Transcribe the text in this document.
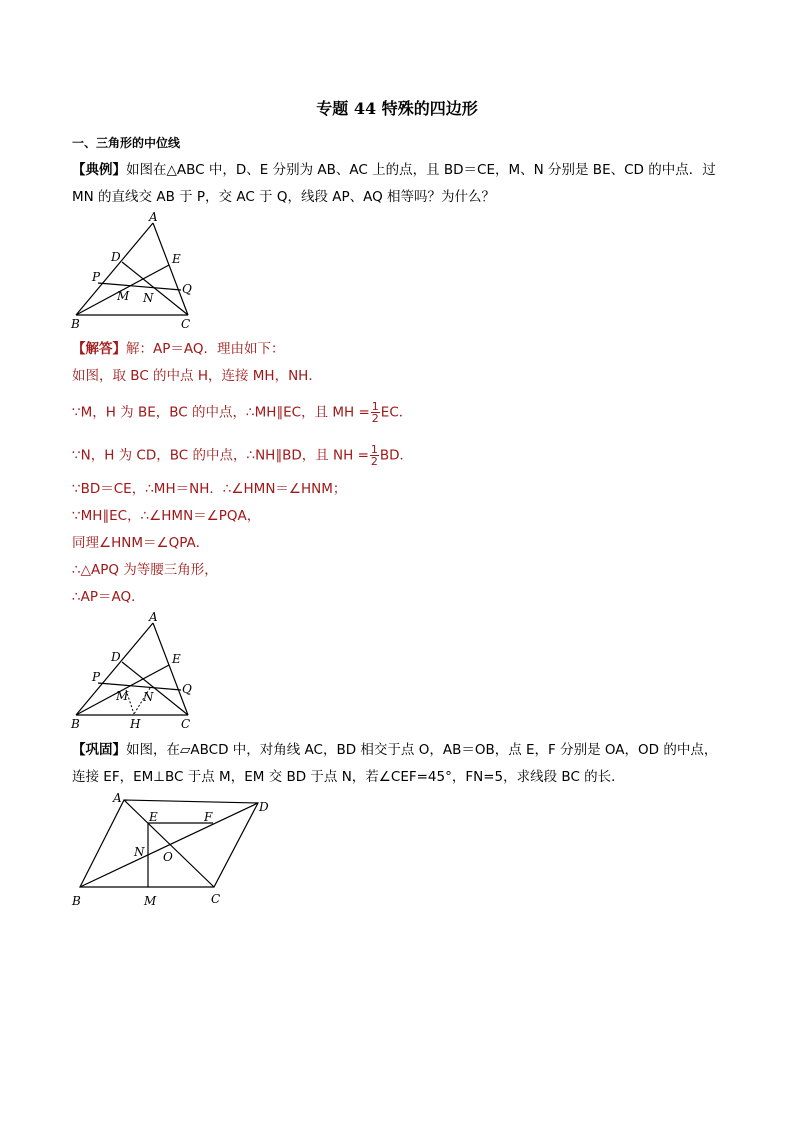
专题 44 特殊的四边形
一、三角形的中位线
【典例】如图在△ABC 中，D、E 分别为 AB、AC 上的点，且 BD＝CE，M、N 分别是 BE、CD 的中点．过
MN 的直线交 AB 于 P，交 AC 于 Q，线段 AP、AQ 相等吗？为什么？
A
B	C
D	E
P
Q
M N
【解答】解：AP＝AQ．理由如下：
如图，取 BC 的中点 H，连接 MH，NH．
∵M，H 为 BE，BC 的中点，∴MH∥EC，且 MH = $\frac{1}{2}$ EC．
∵N，H 为 CD，BC 的中点，∴NH∥BD，且 NH = $\frac{1}{2}$ BD．
∵BD＝CE，∴MH＝NH．∴∠HMN＝∠HNM；
∵MH∥EC，∴∠HMN＝∠PQA，
同理∠HNM＝∠QPA．
∴△APQ 为等腰三角形，
∴AP＝AQ．
A
B	C
D	E
P
Q
M N
H
【巩固】如图，在▱ABCD 中，对角线 AC，BD 相交于点 O，AB＝OB，点 E，F 分别是 OA，OD 的中点，
连接 EF，EM⊥BC 于点 M，EM 交 BD 于点 N，若∠CEF=45°，FN=5，求线段 BC 的长．
A
D
E	F
N O
B	M	C
